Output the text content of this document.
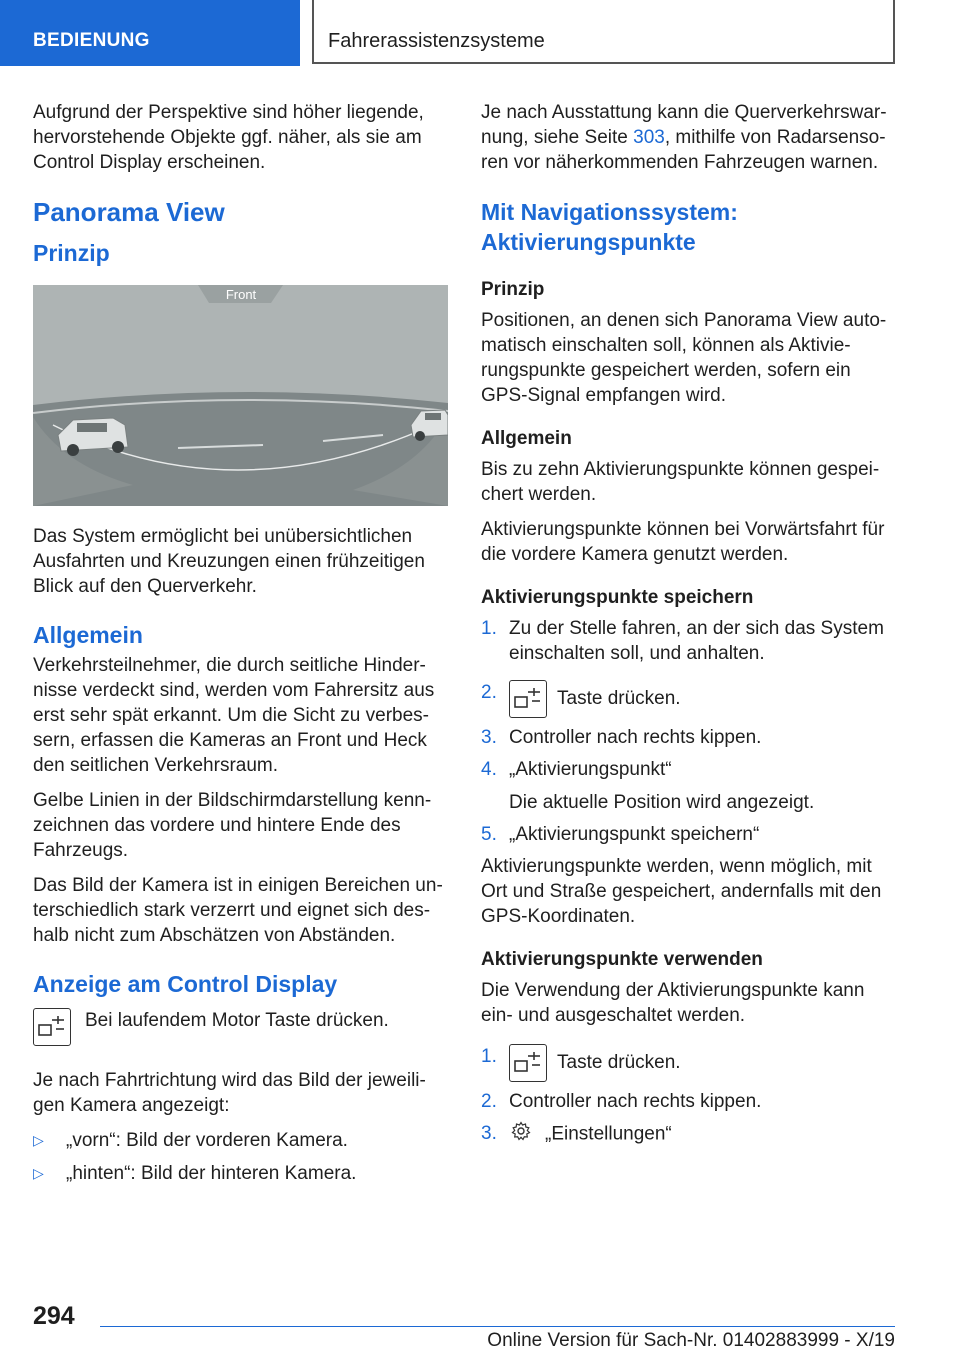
BEDIENUNG	Fahrerassistenzsysteme

Aufgrund der Perspektive sind höher liegende, hervorstehende Objekte ggf. näher, als sie am Control Display erscheinen.

Panorama View
Prinzip
Front

Das System ermöglicht bei unübersichtlichen Ausfahrten und Kreuzungen einen frühzeitigen Blick auf den Querverkehr.

Allgemein

Verkehrsteilnehmer, die durch seitliche Hinder-nisse verdeckt sind, werden vom Fahrersitz aus erst sehr spät erkannt. Um die Sicht zu verbes-sern, erfassen die Kameras an Front und Heck den seitlichen Verkehrsraum.

Gelbe Linien in der Bildschirmdarstellung kenn-zeichnen das vordere und hintere Ende des Fahrzeugs.

Das Bild der Kamera ist in einigen Bereichen un-terschiedlich stark verzerrt und eignet sich des-halb nicht zum Abschätzen von Abständen.

Anzeige am Control Display
Bei laufendem Motor Taste drücken.

Je nach Fahrtrichtung wird das Bild der jeweili-gen Kamera angezeigt:

▷ „vorn“: Bild der vorderen Kamera.
▷ „hinten“: Bild der hinteren Kamera.

Je nach Ausstattung kann die Querverkehrswar-nung, siehe Seite 303, mithilfe von Radarsenso-ren vor näherkommenden Fahrzeugen warnen.

Mit Navigationssystem: Aktivierungspunkte
Prinzip

Positionen, an denen sich Panorama View auto-matisch einschalten soll, können als Aktivie-rungspunkte gespeichert werden, sofern ein GPS-Signal empfangen wird.

Allgemein

Bis zu zehn Aktivierungspunkte können gespei-chert werden.

Aktivierungspunkte können bei Vorwärtsfahrt für die vordere Kamera genutzt werden.

Aktivierungspunkte speichern
1. Zu der Stelle fahren, an der sich das System einschalten soll, und anhalten.
2.	Taste drücken.
3. Controller nach rechts kippen.
4. „Aktivierungspunkt“
Die aktuelle Position wird angezeigt.
5. „Aktivierungspunkt speichern“

Aktivierungspunkte werden, wenn möglich, mit Ort und Straße gespeichert, andernfalls mit den GPS-Koordinaten.

Aktivierungspunkte verwenden

Die Verwendung der Aktivierungspunkte kann ein- und ausgeschaltet werden.

1.	Taste drücken.
2. Controller nach rechts kippen.
3.	„Einstellungen“
294
Online Version für Sach-Nr. 01402883999 - X/19
